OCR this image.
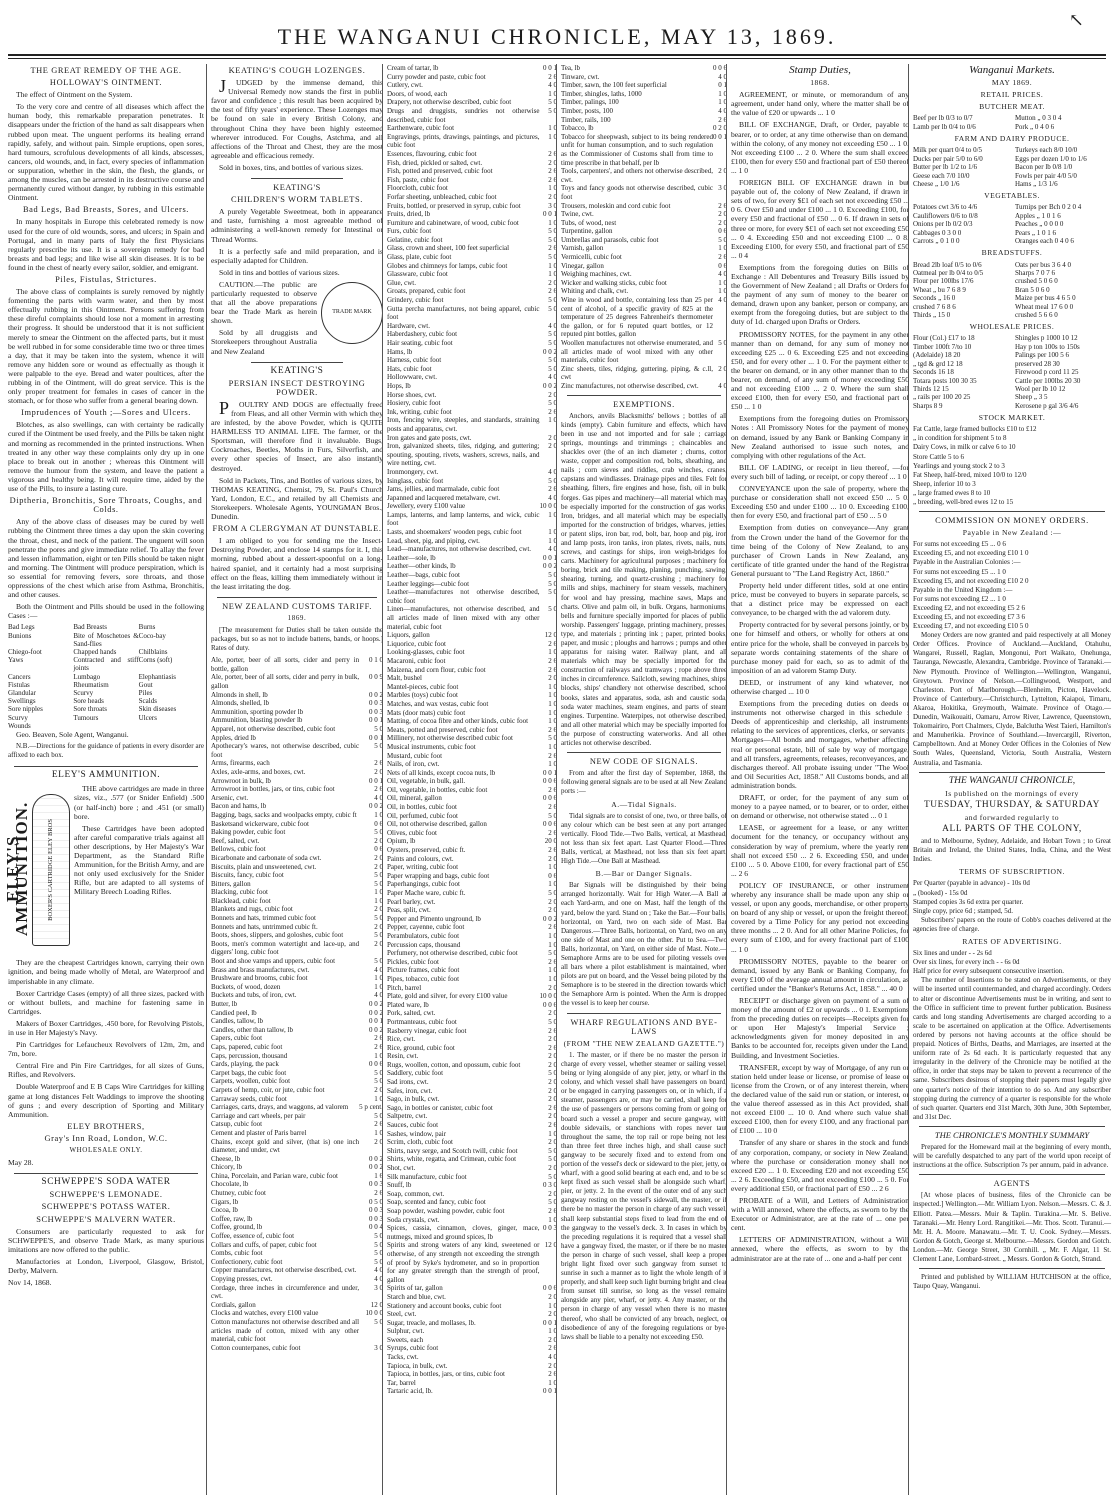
↖
THE WANGANUI CHRONICLE, MAY 13, 1869.
THE GREAT REMEDY OF THE AGE.
HOLLOWAY'S OINTMENT.

The effect of Ointment on the System.

To the very core and centre of all diseases which affect the human body, this remarkable preparation penetrates. It disappears under the friction of the hand as salt disappears when rubbed upon meat. The unguent performs its healing errand rapidly, safely, and without pain. Simple eruptions, open sores, hard tumours, scrofulous developments of all kinds, abscesses, cancers, old wounds, and, in fact, every species of inflammation or suppuration, whether in the skin, the flesh, the glands, or among the muscles, can be arrested in its destructive course and permanently cured without danger, by rubbing in this estimable Ointment.

Bad Legs, Bad Breasts, Sores, and Ulcers.

In many hospitals in Europe this celebrated remedy is now used for the cure of old wounds, sores, and ulcers; in Spain and Portugal, and in many parts of Italy the first Physicians regularly prescribe its use. It is a sovereign remedy for bad breasts and bad legs; and like wise all skin diseases. It is to be found in the chest of nearly every sailor, soldier, and emigrant.

Piles, Fistulas, Strictures.

The above class of complaints is surely removed by nightly fomenting the parts with warm water, and then by most effectually rubbing in this Ointment. Persons suffering from these direful complaints should lose not a moment in arresting their progress. It should be understood that it is not sufficient merely to smear the Ointment on the affected parts, but it must be well rubbed in for some considerable time two or three times a day, that it may be taken into the system, whence it will remove any hidden sore or wound as effectually as though it were palpable to the eye. Bread and water poultices, after the rubbing in of the Ointment, will do great service. This is the only proper treatment for females in cases of cancer in the stomach, or for those who suffer from a general bearing down.

Imprudences of Youth ;—Sores and Ulcers.

Blotches, as also swellings, can with certainty be radically cured if the Ointment be used freely, and the Pills be taken night and morning as recommended in the printed instructions. When treated in any other way these complaints only dry up in one place to break out in another ; whereas this Ointment will remove the humour from the system, and leave the patient a vigorous and healthy being. It will require time, aided by the use of the Pills, to insure a lasting cure.

Diptheria, Bronchitis, Sore Throats, Coughs, and Colds.

Any of the above class of diseases may be cured by well rubbing the Ointment three times a day upon the skin covering the throat, chest, and neck of the patient. The unguent will soon penetrate the pores and give immediate relief. To allay the fever and lessen inflammation, eight or ten Pills should be taken night and morning. The Ointment will produce perspiration, which is so essential for removing fevers, sore throats, and those oppressions of the chest which arise from Asthma, Bronchitis, and other causes.

Both the Ointment and Pills should be used in the following Cases :—

Bad Legs	Bad Breasts	Burns
Bunions	Bite of Moschetoes & Sand-flies
Coco-bay
Chiego-foot	Chapped hands	Chilblains
Yaws	Contracted and stiff joints
Corns (soft)
Cancers	Lumbago	Elephantiasis
Fistulas	Rheumatism	Gout
Glandular	Scurvy	Piles
Swellings	Sore heads	Scalds
Sore nipples	Sore throats	Skin diseases
Scurvy	Tumours	Ulcers
Wounds

Geo. Beaven, Sole Agent, Wanganui.

N.B.—Directions for the guidance of patients in every disorder are affixed to each box.

ELEY'S AMMUNITION.
ELEY'S AMMUNITION.	BOXER'S CARTRIDGE ELEY BROS

THE above cartridges are made in three sizes, viz., .577 (or Snider Enfield) .500 (or half-inch) bore ; and .451 (or small) bore.

These Cartridges have been adopted after careful comparative trials against all other descriptions, by Her Majesty's War Department, as the Standard Rifle Ammunition, for the British Army, and are not only used exclusively for the Snider Rifle, but are adapted to all systems of Military Breech Loading Rifles.

They are the cheapest Cartridges known, carrying their own ignition, and being made wholly of Metal, are Waterproof and imperishable in any climate.

Boxer Cartridge Cases (empty) of all three sizes, packed with or without bullets, and machine for fastening same in Cartridges.

Makers of Boxer Cartridges, .450 bore, for Revolving Pistols, in use in Her Majesty's Navy.

Pin Cartridges for Lefaucheux Revolvers of 12m, 2m, and 7m, bore.

Central Fire and Pin Fire Cartridges, for all sizes of Guns, Rifles, and Revolvers.

Double Waterproof and E B Caps Wire Cartridges for killing game at long distances Felt Waddings to improve the shooting of guns ; and every description of Sporting and Military Ammunition.

ELEY BROTHERS,
Gray's Inn Road, London, W.C.
WHOLESALE ONLY.
May 28.
SCHWEPPE'S SODA WATER
SCHWEPPE'S LEMONADE.
SCHWEPPE'S POTASS WATER.
SCHWEPPE'S MALVERN WATER.

Consumers are particularly requested to ask for SCHWEPPE'S, and observe Trade Mark, as many spurious imitations are now offered to the public.

Manufactories at London, Liverpool, Glasgow, Bristol, Derby, Malvern.

Nov 14, 1868.
KEATING'S COUGH LOZENGES.

JUDGED by the immense demand, this Universal Remedy now stands the first in public favor and confidence ; this result has been acquired by the test of fifty years' experience. These Lozenges may be found on sale in every British Colony, and throughout China they have been highly esteemed wherever introduced. For Coughs, Astchma, and all affections of the Throat and Chest, they are the most agreeable and efficacious remedy.

Sold in boxes, tins, and bottles of various sizes.

KEATING'S
CHILDREN'S WORM TABLETS.

A purely Vegetable Sweetmeat, both in appearance and taste, furnishing a most agreeable method of administering a well-known remedy for Intestinal or Thread Worms.

It is a perfectly safe and mild preparation, and is especially adapted for Children.

Sold in tins and bottles of various sizes.

TRADE MARK

CAUTION.—The public are particularly requested to observe that all the above preparations bear the Trade Mark as herein shown.

Sold by all druggists and Storekeepers throughout Australia and New Zealand

KEATING'S
PERSIAN INSECT DESTROYING POWDER.

POULTRY AND DOGS are effectually freed from Fleas, and all other Vermin with which they are infested, by the above Powder, which is QUITE HARMLESS TO ANIMAL LIFE. The farmer, or the Sportsman, will therefore find it invaluable. Bugs, Cockroaches, Beetles, Moths in Furs, Silverfish, and every other species of Insect, are also instantly destroyed.

Sold in Packets, Tins, and Bottles of various sizes, by THOMAS KEATING, Chemist, 79, St. Paul's Church Yard, London, E.C., and retailed by all Chemists and Storekeepers. Wholesale Agents, YOUNGMAN Bros., Dunedin.

FROM A CLERGYMAN AT DUNSTABLE.

I am obliged to you for sending me the Insect-Destroying Powder, and enclose 14 stamps for it. I, this morning, rubbed about a dessert-spoonful on a long-haired spaniel, and it certainly had a most surprising effect on the fleas, killing them immediately without in the least irritating the dog.

NEW ZEALAND CUSTOMS TARIFF.
1869.

[The measurement for Duties shall be taken outside the packages, but so as not to include battens, bands, or hoops.] Rates of duty.

Ale, porter, beer of all sorts, cider and perry in bottle, gallon	0 1 0
Ale, porter, beer of all sorts, cider and perry in bulk, gallon	0 0 9
Almonds in shell, lb	0 0 2
Almonds, shelled, lb	0 0 3
Ammunition, sporting powder lb	0 0 3
Ammunition, blasting powder lb	0 0 1
Apparel, not otherwise described, cubic foot	5 0
Apples, dried lb	0 0 1
Apothecary's wares, not otherwise described, cubic foot	5 0
Arms, firearms, each	2 6
Axles, axle-arms, and boxes, cwt.	2 0
Arrowroot in bulk, lb	0 0 1
Arrowroot in bottles, jars, or tins, cubic foot	2 6
Arsenic, cwt.	4 0
Bacon and hams, lb	0 0 2
Bagging, bags, sacks and woolpacks empty, cubic ft	1 0
Basketsand wickerware, cubic foot	0 6
Baking powder, cubic foot	5 0
Beef, salted, cwt.	2 0
Bellows, cubic foot	0 6
Bicarbonate and carbonate of soda cwt.	2 0
Biscuits, plain and unsweetened, cwt.	2 0
Biscuits, fancy, cubic foot	5 0
Bitters, gallon	5 0
Blacking, cubic foot	1 0
Blacklead, cubic foot	1 0
Blankets and rugs, cubic foot	2 0
Bonnets and hats, trimmed cubic foot	5 0
Bonnets and hats, untrimmed cubic ft.	2 0
Boots, shoes, slippers, and goloshes, cubic foot	5 0
Boots, men's common watertight and lace-up, and diggers' long, cubic foot	2 0
Boot and shoe vamps and uppers, cubic foot	5 0
Brass and brass manufactures, cwt.	4 0
Brushware and brooms, cubic foot	1 0
Buckets, of wood, dozen	1 0
Buckets and tubs, of iron, cwt.	4 0
Butter, lb	0 0 2
Candied peel, lb	0 0 2
Candles, tallow, lb	0 0 1
Candles, other than tallow, lb	0 0 2
Capers, cubic foot	2 6
Caps, papered, cubic foot	2 6
Caps, percussion, thousand	1 0
Cards, playing, the pack	0 0 6
Carpet bags, the cubic foot	5 0
Carpets, woollen, cubic foot	5 0
Carpets of hemp, coir, or jute, cubic foot	2 0
Carraway seeds, cubic foot	1 0
Carriages, carts, drays, and waggons, ad valorem	5 p cent.
Carriage and cart wheels, per pair	5 0
Catsup, cubic foot	2 6
Cement and plaster of Paris barrel	1 0
Chains, except gold and silver, (that is) one inch diameter, and under, cwt	2 0
Cheese, lb	0 0 2
Chicory, lb	0 0 2
China, Porcelain, and Parian ware, cubic foot	1 6
Chocolate, lb	0 0 3
Chutney, cubic foot	2 6
Cigars, lb	0 5 0
Cocoa, lb	0 0 3
Coffee, raw, lb	0 0 3
Coffee, ground, lb	0 0 4
Coffee, essence of, cubic foot	5 0
Collars and cuffs, of paper, cubic foot	5 0
Combs, cubic foot	5 0
Confectionery, cubic foot	5 0
Copper manufactures, not otherwise described, cwt.	4 0
Copying presses, cwt.	4 0
Cordage, three inches in circumference and under, cwt.	3 0
Cordials, gallon	12 0
Clocks and watches, every £100 value	10 0 0
Cotton manufactures not otherwise described and all articles made of cotton, mixed with any other material, cubic foot	5 0
Cotton counterpanes, cubic foot	3 0
Cream of tartar, lb	0 0 1
Curry powder and paste, cubic foot	2 6
Cutlery, cwt.	4 0
Doors, of wood, each	1 0
Drapery, not otherwise described, cubic foot	5 0
Drugs and druggists, sundries not otherwise described, cubic foot	5 0
Earthenware, cubic foot	1 0
Engravings, prints, drawings, paintings, and pictures, cubic foot	1 0
Essences, flavouring, cubic foot	2 6
Fish, dried, pickled or salted, cwt.	2 0
Fish, potted and preserved, cubic foot	2 6
Fish, paste, cubic foot	2 6
Floorcloth, cubic foot	1 0
Forfar sheeting, unbleached, cubic foot	2 0
Fruits, bottled, or preserved in syrup, cubic foot	3 0
Fruits, dried, lb	0 0 1
Furniture and cabinetware, of wood, cubic foot	1 0
Furs, cubic foot	5 0
Gelatine, cubic foot	5 0
Glass, crown and sheet, 100 feet superficial	2 6
Glass, plate, cubic foot	5 0
Globes and chimneys for lamps, cubic foot	1 0
Glassware, cubic foot	1 0
Glue, cwt.	2 0
Groats, prepared, cubic foot	2 6
Grindery, cubic foot	5 0
Gutta percha manufactures, not being apparel, cubic foot	5 0
Hardware, cwt.	4 0
Haberdashery, cubic foot	5 0
Hair seating, cubic foot	5 0
Hams, lb	0 0 2
Harness, cubic foot	5 0
Hats, cubic foot	5 0
Hollowware, cwt.	4 0
Hops, lb	0 0 2
Horse shoes, cwt.	2 0
Hosiery, cubic foot	5 0
Ink, writing, cubic foot	2 6
Iron, fencing wire, steeples, and standards, straining posts and apparatus, cwt.	1 0
Iron gates and gate posts, cwt.	2 0
Iron, galvanized sheets, tiles, ridging, and guttering; spouting, spouting, rivets, washers, screws, nails, and wire netting, cwt.	2 0
Ironmongery, cwt.	4 0
Isinglass, cubic foot	5 0
Jams, jellies, and marmalade, cubic foot	2 6
Japanned and lacquered metalware, cwt.	4 0
Jewellery, every £100 value	10 0 0
Lamps, lanterns, and lamp lanterns, and wick, cubic foot	1 0
Lasts, and shoemakers' wooden pegs, cubic foot	1 0
Lead, sheet, pig, and piping, cwt.	1 0
Lead—manufactures, not otherwise described, cwt.	4 0
Leather—sole, lb	0 0 1
Leather—other kinds, lb	0 0 2
Leather—bags, cubic foot	5 0
Leather leggings—cubic foot	5 0
Leather—manufactures not otherwise described, cubic foot	5 0
Linen—manufactures, not otherwise described, and all articles made of linen mixed with any other material, cubic foot	5 0
Liquors, gallon	12 0
Liquorice, cubic foot	2 6
Looking-glasses, cubic foot	1 0
Macaroni, cubic foot	2 6
Maizena, and corn flour, cubic foot	2 6
Malt, bushel	2 0
Mantel-pieces, cubic foot	1 0
Marbles (toys) cubic foot	1 0
Matches, and wax vestas, cubic foot	1 0
Mats (door mats) cubic foot	1 0
Matting, of cocoa fibre and other kinds, cubic foot	1 0
Meats, potted and preserved, cubic foot	2 6
Millinery, not otherwise described cubic foot	5 0
Musical instruments, cubic foot	1 0
Mustard, cubic foot	2 6
Nails, of iron, cwt.	1 0
Nets of all kinds, except cocoa nuts, lb	0 0 1
Oil, vegetable, in bulk, gall.	0 0 6
Oil, vegetable, in bottles, cubic foot	2 6
Oil, mineral, gallon	0 0 6
Oil, in bottles, cubic foot	2 6
Oil, perfumed, cubic foot	5 0
Oil, not otherwise described, gallon	0 0 6
Olives, cubic foot	2 6
Opium, lb	20 0
Oysters, preserved, cubic ft.	2 6
Paints and colours, cwt.	2 0
Paper, writing, cubic foot	1 0
Paper wrapping and bags, cubic foot	0 6
Paperhangings, cubic foot	1 0
Paper Mache ware, cubic ft.	5 0
Pearl barley, cwt.	2 0
Peas, split, cwt.	2 0
Pepper and Pimento unground, lb	0 0 2
Pepper, cayenne, cubic foot	2 6
Perambulators, cubic foot	1 0
Percussion caps, thousand	1 0
Perfumery, not otherwise described, cubic foot	5 0
Pickles, cubic foot	2 6
Picture frames, cubic foot	1 0
Pipes, tobacco, cubic foot	1 0
Pitch, barrel	2 0
Plate, gold and silver, for every £100 value	10 0 0
Plated ware, lb	0 0 6
Pork, salted, cwt.	2 0
Portmanteaus, cubic foot	5 0
Rasberry vinegar, cubic foot	2 6
Rice, cwt.	2 0
Rice, ground, cubic foot	2 6
Resin, cwt.	2 0
Rugs, woollen, cotton, and opossum, cubic foot	2 0
Saddlery, cubic foot	5 0
Sad irons, cwt.	2 0
Safes, iron, cwt.	2 0
Sago, in bulk, cwt.	2 0
Sago, in bottles or canister, cubic foot	2 6
Saltpetre, cwt.	2 0
Sauces, cubic foot	2 6
Sashes, window, pair	1 0
Scrim, cloth, cubic foot	2 0
Shirts, navy serge, and Scotch twill, cubic foot	5 0
Shirts, white, regatta, and Crimean, cubic foot	5 0
Shot, cwt.	2 0
Silk manufacture, cubic foot	5 0
Snuff, lb	0 3 0
Soap, common, cwt.	2 0
Soap, scented and fancy, cubic foot	5 0
Soap powder, washing powder, cubic foot	2 6
Soda crystals, cwt.	1 0
Spices, cassia, cinnamon, cloves, ginger, mace, nutmegs, mixed and ground spices, lb	0 0 3
Spirits and strong waters of any kind, sweetened or otherwise, of any strength not exceeding the strength of proof by Syke's hydrometer, and so in proportion for any greater strength than the strength of proof, gallon	12 0
Spirits of tar, gallon	0 0 6
Starch and blue, cwt.	2 0
Stationery and account books, cubic foot	1 0
Steel, cwt.	2 0
Sugar, treacle, and mollases, lb.	0 0 1
Sulphur, cwt.	1 0
Sweets, each	2 0
Syrups, cubic foot	2 6
Tacks, cwt.	4 0
Tapioca, in bulk, cwt.	2 0
Tapioca, in bottles, jars, or tins, cubic foot	2 6
Tar, barrel	1 0
Tartaric acid, lb.	0 0 1
Tea, lb	0 0 6
Tinware, cwt.	4 0
Timber, sawn, the 100 feet superficial	0 1
Timber, shingles, laths, 1000	1 0
Timber, palings, 100	1 0
Timber, posts, 100	4 0
Timber, rails, 100	2 6
Tobacco, lb	0 2 0
Tobacco for sheepwash, subject to its being rendered unfit for human consumption, and to such regulation as the Commissioner of Customs shall from time to time prescribe in that behalf, per lb	0 0 1
Tools, carpenters', and others not otherwise described, cwt.	2 0
Toys and fancy goods not otherwise described, cubic foot	3 0
Trousers, moleskin and cord cubic foot	2 6
Twine, cwt.	2 0
Tubs, of wood, nest	2 0
Turpentine, gallon	0 6
Umbrellas and parasols, cubic foot	5 0
Varnish, gallon	1 0
Vermicelli, cubic foot	2 6
Vinegar, gallon	0 6
Weighing machines, cwt.	4 0
Wicker and walking sticks, cubic foot	1 0
Whiting and chalk, cwt.	1 0
Wine in wood and bottle, containing less than 25 per cent of alcohol, of a specific gravity of 825 at the temperature of 25 degrees Fahrenheit's thermometer the gallon, or for 6 reputed quart bottles, or 12 reputed pint bottles, gallon	4 0
Woollen manufactures not otherwise enumerated, and all articles made of wool mixed with any other materials, cubic foot	5 0
Zinc sheets, tiles, ridging, guttering, piping, & c.ll, cwt	2 0
Zinc manufactures, not otherwise described, cwt.	4 0
EXEMPTIONS.

Anchors, anvils Blacksmiths' bellows ; bottles of all kinds (empty). Cabin furniture and effects, which have been in use and not imported and for sale ; carriage springs, mountings and trimmings ; chaincables and shackles over (the of an inch diameter ; churns, cotton waste, copper and composition rod, bolts, sheathing, and nails ; corn sieves and riddles, crab winches, cranes, capstans and windlasses. Drainage pipes and tiles. Felt for sheathing, filters, fire engines and hose, fish, oil in bulk, forges. Gas pipes and machinery—all material which may be especially imported for the construction of gas works. Iron, bridges, and all material which may be especially imported for the construction of bridges, wharves, jetties, or patent slips, iron bar, rod, bolt, bar, hoop and pig, iron and lamp posts, iron tanks, iron plates, rivets, nails, nuts, screws, and castings for ships, iron weigh-bridges for carts. Machinery for agricultural purposes ; machinery for boring, brick and tile making, planing, punching, sawing, shearing, turning, and quartz-crushing ; machinery for mills and ships, machinery for steam vessels, machinery for wool and hay pressing, machine saws, Maps and charts. Olive and palm oil, in bulk. Organs, harmoniums, bells and furniture specially imported for places of public worship. Passengers' luggage, printing machinery, presses, type, and materials ; printing ink ; paper, printed books, paper, and music ; ploughs and harrows ; pumps and other apparatus for raising water. Railway plant, and all materials which may be specially imported for the construction of railways and tramways ; rope above three inches in circumference. Sailcloth, sewing machines, ships' blocks, ships' chandlery not otherwise described, school books, slates and apparatus, soda, ash and caustic soda, soda water machines, steam engines, and parts of steam engines. Turpentine. Waterpipes, not otherwise described, and all other material which may be specially imported for the purpose of constructing waterworks. And all other articles not otherwise described.

NEW CODE OF SIGNALS.

From and after the first day of September, 1868, the following general signals are to be used at all New Zealand ports :—

A.—Tidal Signals.

Tidal signals are to consist of one, two, or three balls, of any colour which can be best seen at any port arranged vertically. Flood Tide.—Two Balls, vertical, at Masthead, not less than six feet apart. Last Quarter Flood.—Three Balls, vertical, at Masthead, not less than six feet apart. High Tide.—One Ball at Masthead.

B.—Bar or Danger Signals.

Bar Signals will be distinguished by their being arranged horizontally. Wait for High Water.—A Ball at each Yard-arm, and one on Mast, half the length of the yard, below the yard. Stand on ; Take the Bar.—Four balls, horizontal, on Yard, two on each side of Mast. Bar Dangerous.—Three Balls, horizontal, on Yard, two on any one side of Mast and one on the other. Put to Sea.—Two Balls, horizontal, on Yard, on either side of Mast. Note.—Semaphore Arms are to be used for piloting vessels over all bars where a pilot establishment is maintained, when pilots are put on board, and the Vessel being piloted by the Semaphore is to be steered in the direction towards which the Semaphore Arm is pointed. When the Arm is dropped the vessel is to keep her course.

WHARF REGULATIONS AND BYE-LAWS
(FROM "THE NEW ZEALAND GAZETTE.")

1. The master, or if there be no master the person in charge of every vessel, whether steamer or sailing vessel, being or lying alongside of any pier, jetty, or wharf in the colony, and which vessel shall have passengers on board, or be engaged in carrying passengers on, or in which, if a steamer, passengers are, or may be carried, shall keep for the use of passengers or persons coming from or going on board such a vessel a proper and secure gangway, with double sidevails, or stanchions with ropes never taut throughout the same, the top rail or rope being not less than three feet three inches high, and shall cause such gangway to be securely fixed and to extend from one portion of the vessel's deck or sideward to the pier, jetty, or wharf, with a good solid bearing at each end, and to be so kept fixed as such vessel shall be alongside such wharf, pier, or jetty. 2. In the event of the outer end of any such gangway resting on the vessel's sidewall, the master, or if there be no master the person in charge of any such vessel, shall keep substantial steps fixed to lead from the end of the gangway to the vessel's deck. 3. In cases in which by the preceding regulations it is required that a vessel shall have a gangway fixed, the master, or if there be no master the person in charge of such vessel, shall keep a proper bright light fixed over such gangway from sunset to sunrise in such a manner as to light the whole length of it properly, and shall keep such light burning bright and clear from sunset till sunrise, so long as the vessel remains alongside any pier, wharf, or jetty. 4. Any master, or the person in charge of any vessel when there is no master thereof, who shall be convicted of any breach, neglect, or disobedience of any of the foregoing regulations or bye-laws shall be liable to a penalty not exceeding £50.

Stamp Duties,
1868.
AGREEMENT, or minute, or memorandum of any agreement, under hand only, where the matter shall be of the value of £20 or upwards ... 1 0
BILL OF EXCHANGE, Draft, or Order, payable to bearer, or to order, at any time otherwise than on demand, within the colony, of any money not exceeding £50 ... 1 0. Not exceeding £100 ... 2 0. Where the sum shall exceed £100, then for every £50 and fractional part of £50 thereof ... 1 0
FOREIGN BILL OF EXCHANGE drawn in but payable out of, the colony of New Zealand, if drawn in sets of two, for every $£1 of each set not exceeding £50 ... 0 6. Over £50 and under £100 ... 1 0. Exceeding £100, for every £50 and fractional of £50 ... 0 6. If drawn in sets of three or more, for every $£1 of each set not exceeding £50 ... 0 4. Exceeding £50 and not exceeding £100 ... 0 8. Exceeding £100, for every £50, and fractional part of £50 ... 0 4
Exemptions from the foregoing duties on Bills of Exchange : All Debentures and Treasury Bills issued by the Government of New Zealand ; all Drafts or Orders for the payment of any sum of money to the bearer on demand, drawn upon any banker, person or company, are exempt from the foregoing duties, but are subject to the duty of 1d. charged upon Drafts or Orders.
PROMISSORY NOTES, for the payment in any other manner than on demand, for any sum of money not exceeding £25 ... 0 6. Exceeding £25 and not exceeding £50, and for every other ... 1 0. For the payment either to the bearer on demand, or in any other manner than to the bearer, on demand, of any sum of money exceeding £50 and not exceeding £100 ... 2 0. Where the sum shall exceed £100, then for every £50, and fractional part of £50 ... 1 0
Exemptions from the foregoing duties on Promissory Notes : All Promissory Notes for the payment of money on demand, issued by any Bank or Banking Company in New Zealand authorised to issue such notes, and complying with other regulations of the Act.
BILL OF LADING, or receipt in lieu thereof, —for every such bill of lading, or receipt, or copy thereof ... 1 0
CONVEYANCE upon the sale of property, where the purchase or consideration shall not exceed £50 ... 5 0. Exceeding £50 and under £100 ... 10 0. Exceeding £100, then for every £50, and fractional part of £50 ... 5 0
Exemption from duties on conveyance—Any grant from the Crown under the hand of the Governor for the time being of the Colony of New Zealand, to any purchaser of Crown Lands in New Zealand, any certificate of title granted under the hand of the Registrar General pursuant to "The Land Registry Act, 1860."
Property held under different titles, sold at one entire price, must be conveyed to buyers in separate parcels, so that a distinct price may be expressed on each conveyance, to be charged with the ad valorem duty.
Property contracted for by several persons jointly, or by one for himself and others, or wholly for others at one entire price for the whole, shall be conveyed in parcels by separate words containing statements of the share of purchase money paid for each, so as to admit of the imposition of an ad valorem Stamp Duty.
DEED, or instrument of any kind whatever, not otherwise charged ... 10 0
Exemptions from the preceding duties on deeds or instruments not otherwise charged in this schedule : Deeds of apprenticeship and clerkship, all instruments relating to the services of apprentices, clerks, or servants ; Mortgages—All bonds and mortgages, whether affecting real or personal estate, bill of sale by way of mortgage, and all transfers, agreements, releases, reconveyances, and discharges thereof. All probate issuing under "The Wool and Oil Securities Act, 1858." All Customs bonds, and all administration bonds.
DRAFT, or order, for the payment of any sum of money to a payee named, or to bearer, or to order, either on demand or otherwise, not otherwise stated ... 0 1
LEASE, or agreement for a lease, or any written document for the tenancy, or occupancy without any consideration by way of premium, where the yearly rent shall not exceed £50 ... 2 6. Exceeding £50, and under £100 ... 5 0. Above £100, for every fractional part of £50 ... 2 6
POLICY OF INSURANCE, or other instrument whereby any insurance shall be made upon any ship or vessel, or upon any goods, merchandise, or other property on board of any ship or vessel, or upon the freight thereof, covered by a Time Policy for any period not exceeding three months ... 2 0. And for all other Marine Policies, for every sum of £100, and for every fractional part of £100 ... 1 0
PROMISSORY NOTES, payable to the bearer on demand, issued by any Bank or Banking Company, for every £100 of the average annual amount in circulation, as certified under the "Banker's Returns Act, 1858." ... 40 0
RECEIPT or discharge given on payment of a sum of money of the amount of £2 or upwards ... 0 1. Exemptions from the preceding duties on receipts—Receipts given for or upon Her Majesty's Imperial Service ; acknowledgments given for money deposited in any Banks to be accounted for, receipts given under the Land, Building, and Investment Societies.
TRANSFER, except by way of Mortgage, of any run or station held under lease or license, or promise of lease or license from the Crown, or of any interest therein, where the declared value of the said run or station, or interest, or the value thereof assessed as in this Act provided, shall not exceed £100 ... 10 0. And where such value shall exceed £100, then for every £100, and any fractional part of £100 ... 10 0
Transfer of any share or shares in the stock and funds of any corporation, company, or society in New Zealand, where the purchase or consideration money shall not exceed £20 ... 1 0. Exceeding £20 and not exceeding £50 ... 2 6. Exceeding £50, and not exceeding £100 ... 5 0. For every additional £50, or fractional part of £50 ... 2 6
PROBATE of a Will, and Letters of Administration with a Will annexed, where the effects, as sworn to by the Executor or Administrator, are at the rate of ... one per cent.
LETTERS OF ADMINISTRATION, without a Will annexed, where the effects, as sworn to by the administrator are at the rate of ... one and a-half per cent
Wanganui Markets.
MAY 1869.
RETAIL PRICES.
BUTCHER MEAT.
Beef per lb 0/3 to 0/7
Lamb per lb 0/4 to 0/6
Mutton „ 0 3 0 4
Pork „ 0 4 0 6
FARM AND DAIRY PRODUCE.
Milk per quart 0/4 to 0/5
Ducks per pair 5/0 to 6/0
Butter per lb 1/2 to 1/6
Geese each 7/0 10/0
Cheese „ 1/0 1/6
Turkeys each 8/0 10/0
Eggs per dozen 1/0 to 1/6
Bacon per lb 0/8 1/0
Fowls per pair 4/0 5/0
Hams „ 1/3 1/6
VEGETABLES.
Potatoes cwt 3/6 to 4/6
Cauliflowers 0/6 to 0/8
Onions per lb 0/2 0/3
Cabbages 0 3 0 0
Carrots „ 0 1 0 0
Turnips per Bch 0 2 0 4
Apples „ 1 0 1 6
Peaches „ 0 0 0 0
Pears „ 1 0 1 6
Oranges each 0 4 0 6
BREADSTUFFS.
Bread 2lb loaf 0/5 to 0/6
Oatmeal per lb 0/4 to 0/5
Flour per 100lbs 17/6
Wheat „ bu 7 6 8 9
Seconds „ 16 0
crushed 7 6 8 6
Thirds „ 15 0
Oats per bus 3 6 4 0
Sharps 7 0 7 6
crushed 5 0 6 0
Bran 5 0 6 0
Maize per bus 4 6 5 0
Wheat meal 17 6 0 0
crushed 5 6 6 0
WHOLESALE PRICES.
Flour (Col.) £17 to 18
Timber 100ft 7/to 10
(Adelaide) 18 20
„ tgd & grd 12 18
Seconds 16 18
Totara posts 100 30 35
Thirds 12 15
„ rails per 100 20 25
Sharps 8 9
Shingles p 1000 10 12
Hay p ton 100s to 150s
Palings per 100 5 6
preserved 28 30
Firewood p cord 11 25
Cattle per 100lbs 20 30
Wool per lb 10 12
Sheep „ 3 5
Kerosene p gal 3/6 4/6
STOCK MARKET.
Fat Cattle, large framed bullocks £10 to £12
„ in condition for shipment 5 to 8
Dairy Cows, in milk or calve 6 to 10
Store Cattle 5 to 6
Yearlings and young stock 2 to 3
Fat Sheep, half-bred, mixed 10/0 to 12/0
Sheep, inferior 10 to 3
„ large framed ewes 8 to 10
„ breeding, well-bred ewes 12 to 15
COMMISSION ON MONEY ORDERS.
Payable in New Zealand :—
For sums not exceeding £5 ... 0 6
Exceeding £5, and not exceeding £10 1 0
Payable in the Australian Colonies :—
For sums not exceeding £5 ... 1 0
Exceeding £5, and not exceeding £10 2 0
Payable in the United Kingdom :—
For sums not exceeding £2 ... 1 0
Exceeding £2, and not exceeding £5 2 6
Exceeding £5, and not exceeding £7 3 6
Exceeding £7, and not exceeding £10 5 0

Money Orders are now granted and paid respectively at all Money Order Offices. Province of Auckland.—Auckland, Otahuhu, Wangarei, Russell, Raglan, Mongonui, Port Waikato, Onehunga, Tauranga, Newcastle, Alexandra, Cambridge. Province of Taranaki.—New Plymouth. Province of Wellington.—Wellington, Wanganui, Greytown. Province of Nelson.—Collingwood, Westport, and Charleston. Port of Marlborough.—Blenheim, Picton, Havelock. Province of Canterbury.—Christchurch, Lyttelton, Kaiapoi, Timaru, Akaroa, Hokitika, Greymouth, Waimate. Province of Otago.—Dunedin, Waikouaiti, Oamaru, Arrow River, Lawrence, Queenstown, Tokomairiro, Port Chalmers, Clyde, Balclutha West Taieri, Hamilton's and Manuherikia. Province of Southland.—Invercargill, Riverton, Campbelltown. And at Money Order Offices in the Colonies of New South Wales, Queensland, Victoria, South Australia, Western Australia, and Tasmania.

THE WANGANUI CHRONICLE,
Is published on the mornings of every
TUESDAY, THURSDAY, & SATURDAY
and forwarded regularly to
ALL PARTS OF THE COLONY,

and to Melbourne, Sydney, Adelaide, and Hobart Town ; to Great Britain and Ireland, the United States, India, China, and the West Indies.

TERMS OF SUBSCRIPTION.
Per Quarter (payable in advance) - 10s 0d
„ (booked) - 15s 0d
Stamped copies 3s 6d extra per quarter.
Single copy, price 6d ; stamped, 5d.

Subscribers' papers on the route of Cobb's coaches delivered at the agencies free of charge.

RATES OF ADVERTISING.
Six lines and under - - 2s 6d
Over six lines, for every inch - - 6s 0d
Half price for every subsequent consecutive insertion.

The number of Insertions to be stated on Advertisements, or they will be inserted until countermanded, and charged accordingly. Orders to alter or discontinue Advertisements must be in writing, and sent to the Office in sufficient time to prevent further publication. Business cards and long standing Advertisements are charged according to a scale to be ascertained on application at the Office. Advertisements ordered by persons not having accounts at the office should be prepaid. Notices of Births, Deaths, and Marriages, are inserted at the uniform rate of 2s 6d each. It is particularly requested that any irregularity in the delivery of the Chronicle may be notified at the office, in order that steps may be taken to prevent a recurrence of the same. Subscribers desirous of stopping their papers must legally give one quarter's notice of their intention to do so. And any subscriber stopping during the currency of a quarter is responsible for the whole of such quarter. Quarters end 31st March, 30th June, 30th September, and 31st Dec.

THE CHRONICLE'S MONTHLY SUMMARY

Prepared for the Homeward mail at the beginning of every month, will be carefully despatched to any part of the world upon receipt of instructions at the office. Subscription 7s per annum, paid in advance.

AGENTS

[At whose places of business, files of the Chronicle can be inspected.] Wellington.—Mr. William Lyon. Nelson.—Messrs. C. & J. Elliott. Patea.—Messrs. Muir & Taplin. Turakina.—Mr. S. Belive. Taranaki.—Mr. Henry Lord. Rangitikei.—Mr. Thos. Scott. Turanui.—Mr. H. A. Moore. Manawatu.—Mr. T. U. Cook. Sydney.—Messrs. Gordon & Gotch, George st. Melbourne.—Messrs. Gordon and Gotch. London.—Mr. George Street, 30 Cornhill. „ Mr. F. Algar, 11 St. Clement Lane, Lombard-street. „ Messrs. Gordon & Gotch, Strand.

Printed and published by WILLIAM HUTCHISON at the office, Taupo Quay, Wanganui.
